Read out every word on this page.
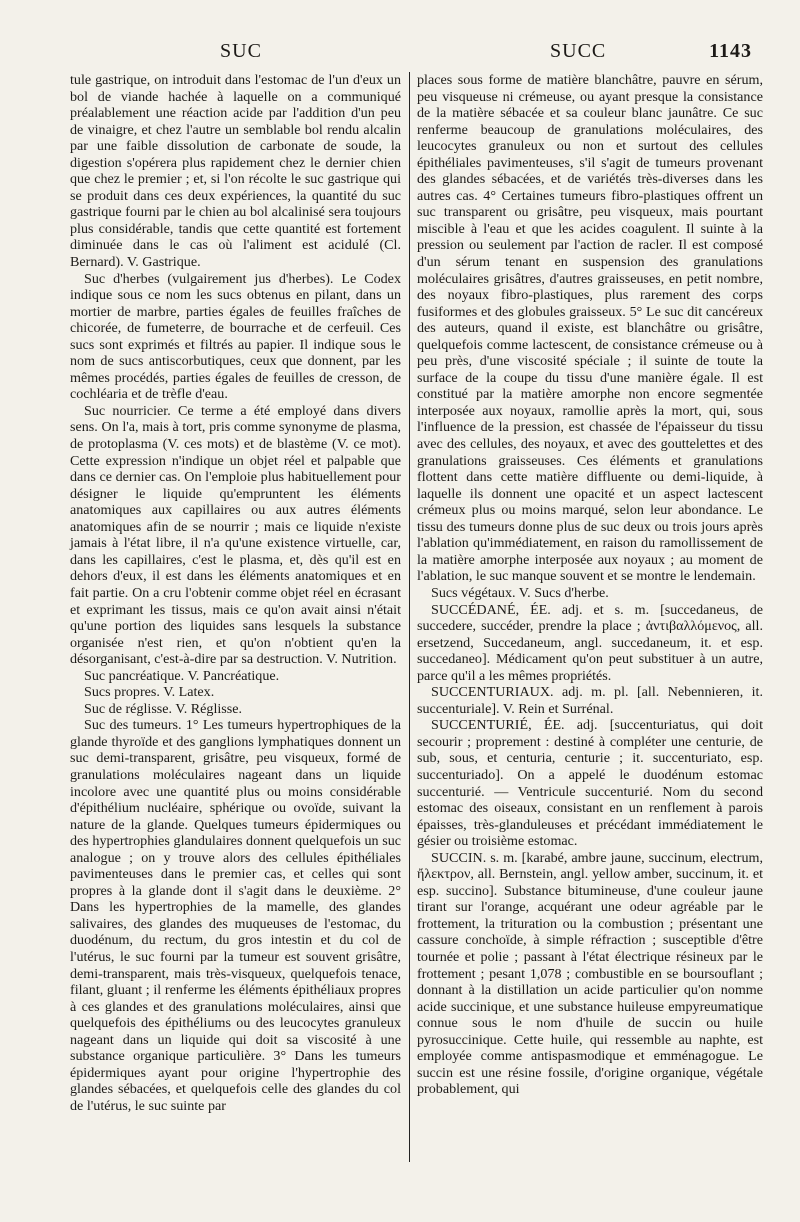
SUC	SUCC	1143

tule gastrique, on introduit dans l'estomac de l'un d'eux un bol de viande hachée à laquelle on a communiqué préalablement une réaction acide par l'addition d'un peu de vinaigre, et chez l'autre un semblable bol rendu alcalin par une faible dissolution de carbonate de soude, la digestion s'opérera plus rapidement chez le dernier chien que chez le premier ; et, si l'on récolte le suc gastrique qui se produit dans ces deux expériences, la quantité du suc gastrique fourni par le chien au bol alcalinisé sera toujours plus considérable, tandis que cette quantité est fortement diminuée dans le cas où l'aliment est acidulé (Cl. Bernard). V. Gastrique.

Suc d'herbes (vulgairement jus d'herbes). Le Codex indique sous ce nom les sucs obtenus en pilant, dans un mortier de marbre, parties égales de feuilles fraîches de chicorée, de fumeterre, de bourrache et de cerfeuil. Ces sucs sont exprimés et filtrés au papier. Il indique sous le nom de sucs antiscorbutiques, ceux que donnent, par les mêmes procédés, parties égales de feuilles de cresson, de cochléaria et de trèfle d'eau.

Suc nourricier. Ce terme a été employé dans divers sens. On l'a, mais à tort, pris comme synonyme de plasma, de protoplasma (V. ces mots) et de blastème (V. ce mot). Cette expression n'indique un objet réel et palpable que dans ce dernier cas. On l'emploie plus habituellement pour désigner le liquide qu'empruntent les éléments anatomiques aux capillaires ou aux autres éléments anatomiques afin de se nourrir ; mais ce liquide n'existe jamais à l'état libre, il n'a qu'une existence virtuelle, car, dans les capillaires, c'est le plasma, et, dès qu'il est en dehors d'eux, il est dans les éléments anatomiques et en fait partie. On a cru l'obtenir comme objet réel en écrasant et exprimant les tissus, mais ce qu'on avait ainsi n'était qu'une portion des liquides sans lesquels la substance organisée n'est rien, et qu'on n'obtient qu'en la désorganisant, c'est-à-dire par sa destruction. V. Nutrition.

Suc pancréatique. V. Pancréatique.

Sucs propres. V. Latex.

Suc de réglisse. V. Réglisse.

Suc des tumeurs. 1° Les tumeurs hypertrophiques de la glande thyroïde et des ganglions lymphatiques donnent un suc demi-transparent, grisâtre, peu visqueux, formé de granulations moléculaires nageant dans un liquide incolore avec une quantité plus ou moins considérable d'épithélium nucléaire, sphérique ou ovoïde, suivant la nature de la glande. Quelques tumeurs épidermiques ou des hypertrophies glandulaires donnent quelquefois un suc analogue ; on y trouve alors des cellules épithéliales pavimenteuses dans le premier cas, et celles qui sont propres à la glande dont il s'agit dans le deuxième. 2° Dans les hypertrophies de la mamelle, des glandes salivaires, des glandes des muqueuses de l'estomac, du duodénum, du rectum, du gros intestin et du col de l'utérus, le suc fourni par la tumeur est souvent grisâtre, demi-transparent, mais très-visqueux, quelquefois tenace, filant, gluant ; il renferme les éléments épithéliaux propres à ces glandes et des granulations moléculaires, ainsi que quelquefois des épithéliums ou des leucocytes granuleux nageant dans un liquide qui doit sa viscosité à une substance organique particulière. 3° Dans les tumeurs épidermiques ayant pour origine l'hypertrophie des glandes sébacées, et quelquefois celle des glandes du col de l'utérus, le suc suinte par

places sous forme de matière blanchâtre, pauvre en sérum, peu visqueuse ni crémeuse, ou ayant presque la consistance de la matière sébacée et sa couleur blanc jaunâtre. Ce suc renferme beaucoup de granulations moléculaires, des leucocytes granuleux ou non et surtout des cellules épithéliales pavimenteuses, s'il s'agit de tumeurs provenant des glandes sébacées, et de variétés très-diverses dans les autres cas. 4° Certaines tumeurs fibro-plastiques offrent un suc transparent ou grisâtre, peu visqueux, mais pourtant miscible à l'eau et que les acides coagulent. Il suinte à la pression ou seulement par l'action de racler. Il est composé d'un sérum tenant en suspension des granulations moléculaires grisâtres, d'autres graisseuses, en petit nombre, des noyaux fibro-plastiques, plus rarement des corps fusiformes et des globules graisseux. 5° Le suc dit cancéreux des auteurs, quand il existe, est blanchâtre ou grisâtre, quelquefois comme lactescent, de consistance crémeuse ou à peu près, d'une viscosité spéciale ; il suinte de toute la surface de la coupe du tissu d'une manière égale. Il est constitué par la matière amorphe non encore segmentée interposée aux noyaux, ramollie après la mort, qui, sous l'influence de la pression, est chassée de l'épaisseur du tissu avec des cellules, des noyaux, et avec des gouttelettes et des granulations graisseuses. Ces éléments et granulations flottent dans cette matière diffluente ou demi-liquide, à laquelle ils donnent une opacité et un aspect lactescent crémeux plus ou moins marqué, selon leur abondance. Le tissu des tumeurs donne plus de suc deux ou trois jours après l'ablation qu'immédiatement, en raison du ramollissement de la matière amorphe interposée aux noyaux ; au moment de l'ablation, le suc manque souvent et se montre le lendemain.

Sucs végétaux. V. Sucs d'herbe.

SUCCÉDANÉ, ÉE. adj. et s. m. [succedaneus, de succedere, succéder, prendre la place ; ἀντιβαλλόμενος, all. ersetzend, Succedaneum, angl. succedaneum, it. et esp. succedaneo]. Médicament qu'on peut substituer à un autre, parce qu'il a les mêmes propriétés.

SUCCENTURIAUX. adj. m. pl. [all. Nebennieren, it. succenturiale]. V. Rein et Surrénal.

SUCCENTURIÉ, ÉE. adj. [succenturiatus, qui doit secourir ; proprement : destiné à compléter une centurie, de sub, sous, et centuria, centurie ; it. succenturiato, esp. succenturiado]. On a appelé le duodénum estomac succenturié. — Ventricule succenturié. Nom du second estomac des oiseaux, consistant en un renflement à parois épaisses, très-glanduleuses et précédant immédiatement le gésier ou troisième estomac.

SUCCIN. s. m. [karabé, ambre jaune, succinum, electrum, ἤλεκτρον, all. Bernstein, angl. yellow amber, succinum, it. et esp. succino]. Substance bitumineuse, d'une couleur jaune tirant sur l'orange, acquérant une odeur agréable par le frottement, la trituration ou la combustion ; présentant une cassure conchoïde, à simple réfraction ; susceptible d'être tournée et polie ; passant à l'état électrique résineux par le frottement ; pesant 1,078 ; combustible en se boursouflant ; donnant à la distillation un acide particulier qu'on nomme acide succinique, et une substance huileuse empyreumatique connue sous le nom d'huile de succin ou huile pyrosuccinique. Cette huile, qui ressemble au naphte, est employée comme antispasmodique et emménagogue. Le succin est une résine fossile, d'origine organique, végétale probablement, qui
